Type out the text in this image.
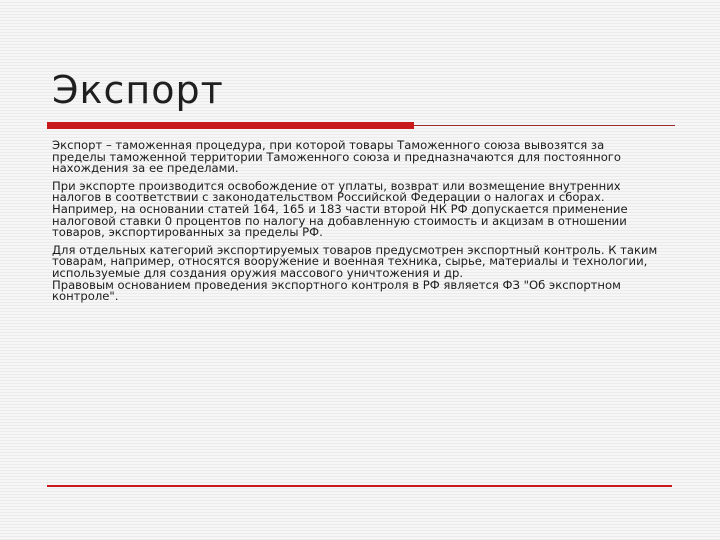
Экспорт

Экспорт – таможенная процедура, при которой товары Таможенного союза вывозятся за
пределы таможенной территории Таможенного союза и предназначаются для постоянного
нахождения за ее пределами.

При экспорте производится освобождение от уплаты, возврат или возмещение внутренних
налогов в соответствии с законодательством Российской Федерации о налогах и сборах.
Например, на основании статей 164, 165 и 183 части второй НК РФ допускается применение
налоговой ставки 0 процентов по налогу на добавленную стоимость и акцизам в отношении
товаров, экспортированных за пределы РФ.

Для отдельных категорий экспортируемых товаров предусмотрен экспортный контроль. К таким
товарам, например, относятся вооружение и военная техника, сырье, материалы и технологии,
используемые для создания оружия массового уничтожения и др.

Правовым основанием проведения экспортного контроля в РФ является ФЗ "Об экспортном
контроле".
